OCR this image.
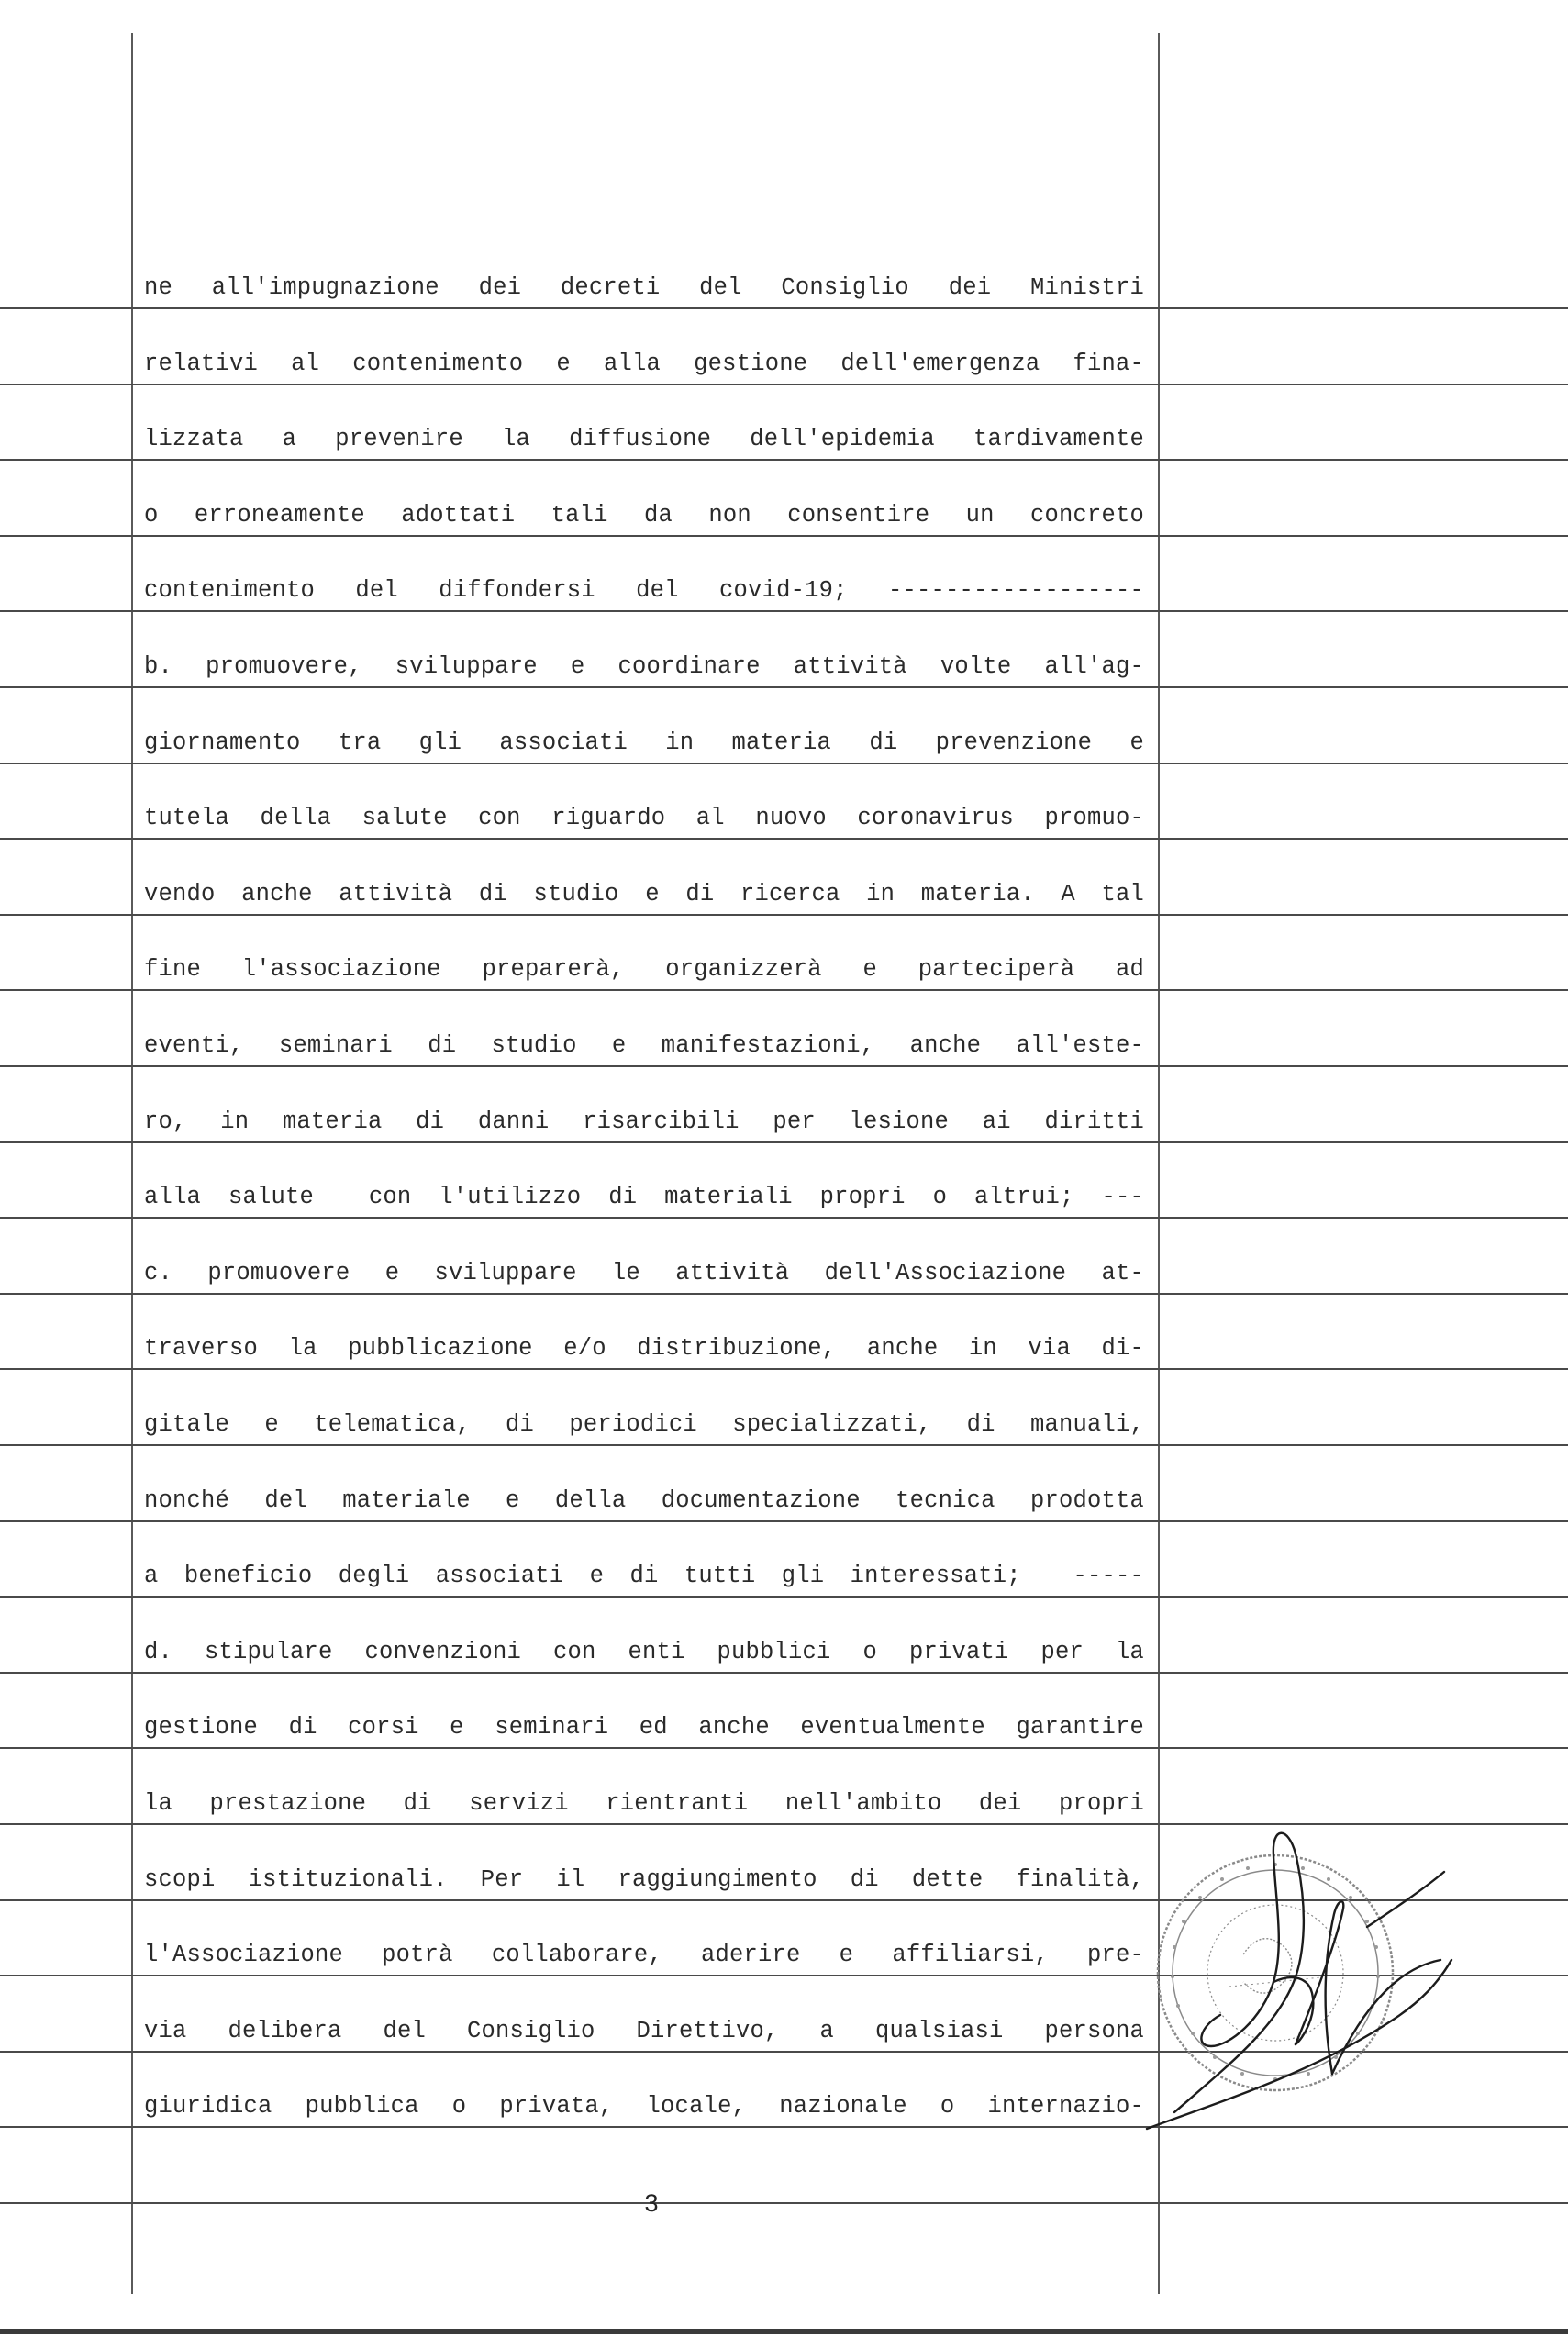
ne all'impugnazione dei decreti del Consiglio dei Ministri
relativi al contenimento e alla gestione dell'emergenza fina-
lizzata a prevenire la diffusione dell'epidemia tardivamente
o erroneamente adottati tali da non consentire un concreto
contenimento del diffondersi del covid-19; ------------------
b. promuovere, sviluppare e coordinare attività volte all'ag-
giornamento tra gli associati in materia di prevenzione e
tutela della salute con riguardo al nuovo coronavirus promuo-
vendo anche attività di studio e di ricerca in materia. A tal
fine l'associazione preparerà, organizzerà e parteciperà ad
eventi, seminari di studio e manifestazioni, anche all'este-
ro, in materia di danni risarcibili per lesione ai diritti
alla salute  con l'utilizzo di materiali propri o altrui; ---
c. promuovere e sviluppare le attività dell'Associazione at-
traverso la pubblicazione e/o distribuzione, anche in via di-
gitale e telematica, di periodici specializzati, di manuali,
nonché del materiale e della documentazione tecnica prodotta
a beneficio degli associati e di tutti gli interessati;  -----
d. stipulare convenzioni con enti pubblici o privati per la
gestione di corsi e seminari ed anche eventualmente garantire
la prestazione di servizi rientranti nell'ambito dei propri
scopi istituzionali. Per il raggiungimento di dette finalità,
l'Associazione potrà collaborare, aderire e affiliarsi, pre-
via delibera del Consiglio Direttivo, a qualsiasi persona
giuridica pubblica o privata, locale, nazionale o internazio-
3
